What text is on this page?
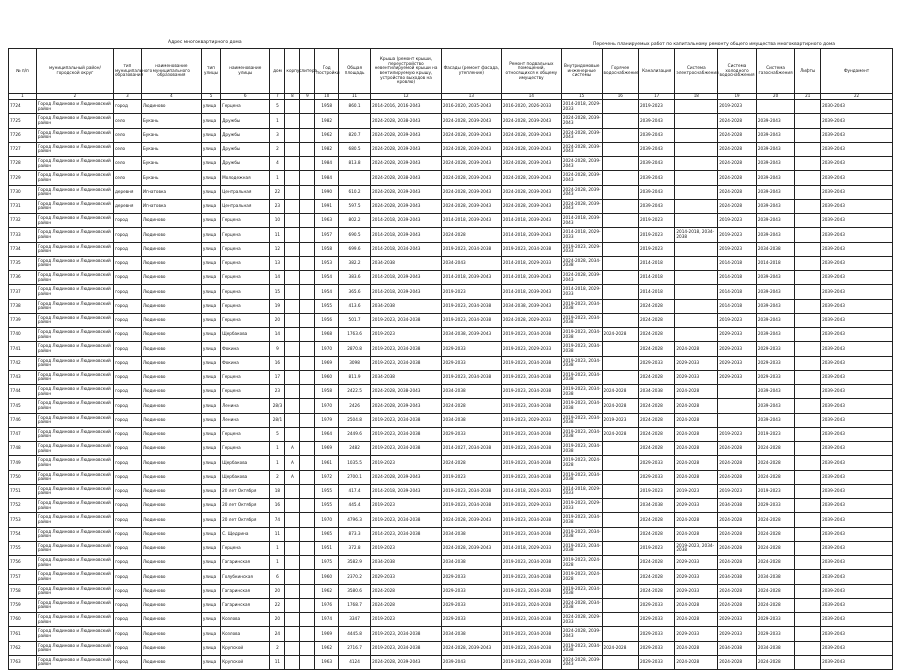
Адрес многоквартирного дома	Перечень планируемых работ по капитальному ремонту общего имущества многоквартирного дома
№ п/п	муниципальный район/городской округ	тип муниципального образования	наименование муниципального образования	тип улицы	наименование улицы	дом	корпус	литера	Год постройки	Общая площадь	Крыша (ремонт крыши, переустройство невентилируемой крыши на вентилируемую крышу, устройство выходов на кровлю)	Фасады (ремонт фасада, утепление)	Ремонт подвальных помещений, относящихся к общему имуществу	Внутридомовые инженерные системы	Горячее водоснабжение	Канализация	Система электроснабжения	Система холодного водоснабжения	Система газоснабжения	Лифты	Фундамент
1	2	3	4	5	6	7	8	9	10	11	12	13	14	15	16	17	18	19	20	21	22
7724	Город Людиново и Людиновский район	город	Людиново	улица	Герцена	5			1958	860.1	2014-2016, 2016-2043	2016-2020, 2035-2043	2016-2020, 2026-2033	2014-2018, 2029-2033		2019-2023		2019-2023			2030-2043
7725	Город Людиново и Людиновский район	село	Букань	улица	Дружбы	1			1982		2024-2028, 2038-2043	2024-2028, 2039-2043	2024-2028, 2039-2043	2024-2028, 2039-2043		2039-2043		2024-2028	2039-2043		2039-2043
7726	Город Людиново и Людиновский район	село	Букань	улица	Дружбы	3			1962	820.7	2024-2028, 2039-2043	2024-2028, 2039-2043	2024-2028, 2039-2043	2024-2028, 2039-2043		2039-2043		2024-2028	2039-2043		2039-2043
7727	Город Людиново и Людиновский район	село	Букань	улица	Дружбы	2			1982	680.5	2024-2028, 2039-2043	2024-2028, 2039-2043	2024-2028, 2039-2043	2024-2028, 2039-2043		2039-2043		2024-2028	2039-2043		2039-2043
7728	Город Людиново и Людиновский район	село	Букань	улица	Дружбы	4			1984	813.8	2024-2028, 2039-2043	2024-2028, 2039-2043	2024-2028, 2039-2043	2024-2028, 2039-2043		2039-2043		2024-2028	2039-2043		2039-2043
7729	Город Людиново и Людиновский район	село	Букань	улица	Молодежная	1			1984		2024-2028, 2038-2043	2024-2028, 2039-2043	2024-2028, 2039-2043	2024-2028, 2039-2043		2039-2043		2024-2028	2039-2043		2039-2043
7730	Город Людиново и Людиновский район	деревня	Игнатовка	улица	Центральная	22			1990	610.2	2024-2028, 2039-2043	2024-2028, 2039-2043	2024-2028, 2039-2043	2024-2028, 2039-2043		2039-2043		2024-2028	2039-2043		2039-2043
7731	Город Людиново и Людиновский район	деревня	Игнатовка	улица	Центральная	23			1991	597.5	2024-2028, 2039-2043	2024-2028, 2039-2043	2024-2028, 2039-2043	2024-2028, 2039-2043		2039-2043		2024-2028	2039-2043		2039-2043
7732	Город Людиново и Людиновский район	город	Людиново	улица	Герцена	10			1963	802.2	2014-2018, 2039-2043	2014-2018, 2039-2043	2014-2018, 2039-2043	2014-2018, 2039-2043		2019-2023		2019-2023	2039-2043		2039-2043
7733	Город Людиново и Людиновский район	город	Людиново	улица	Герцена	11			1957	690.5	2014-2018, 2039-2043	2024-2028	2014-2018, 2039-2043	2014-2018, 2029-2033		2019-2023	2014-2018, 2034-2038	2019-2023	2039-2043		2039-2043
7734	Город Людиново и Людиновский район	город	Людиново	улица	Герцена	12			1958	699.6	2014-2018, 2034-2043	2019-2023, 2034-2038	2019-2023, 2034-2038	2019-2023, 2029-2033		2019-2023		2019-2023	2034-2038		2039-2043
7735	Город Людиново и Людиновский район	город	Людиново	улица	Герцена	13			1953	382.2	2034-2038	2034-2043	2014-2018, 2029-2033	2024-2028, 2034-2038		2014-2018		2014-2018	2014-2018		2039-2043
7736	Город Людиново и Людиновский район	город	Людиново	улица	Герцена	14			1954	383.6	2014-2018, 2039-2043	2014-2018, 2039-2043	2014-2018, 2039-2043	2024-2028, 2039-2043		2014-2018		2014-2018	2039-2043		2039-2043
7737	Город Людиново и Людиновский район	город	Людиново	улица	Герцена	15			1954	365.6	2014-2018, 2039-2043	2019-2023	2014-2018, 2039-2043	2014-2018, 2029-2033		2014-2018		2014-2018	2039-2043		2039-2043
7738	Город Людиново и Людиновский район	город	Людиново	улица	Герцена	19			1955	413.6	2034-2038	2019-2023, 2034-2038	2034-2038, 2039-2043	2019-2023, 2034-2038		2024-2028		2014-2018	2039-2043		2039-2043
7739	Город Людиново и Людиновский район	город	Людиново	улица	Герцена	20			1956	501.7	2019-2023, 2034-2038	2019-2023, 2034-2038	2024-2028, 2029-2033	2019-2023, 2034-2038		2024-2028		2019-2023	2039-2043		2039-2043
7740	Город Людиново и Людиновский район	город	Людиново	улица	Щербакова	14			1968	1763.6	2019-2023	2034-2038, 2039-2043	2019-2023, 2034-2038	2019-2023, 2034-2038	2024-2028	2024-2028		2029-2033	2039-2043		2039-2043
7741	Город Людиново и Людиновский район	город	Людиново	улица	Фокина	9			1970	2870.8	2019-2023, 2034-2038	2029-2033	2019-2023, 2029-2033	2019-2023, 2034-2038		2024-2028	2024-2028	2029-2033	2029-2033		2039-2043
7742	Город Людиново и Людиновский район	город	Людиново	улица	Фокина	16			1969	3098	2019-2023, 2034-2038	2029-2033	2019-2023, 2034-2038	2019-2023, 2034-2038		2029-2033	2029-2033	2029-2033	2029-2033		2039-2043
7743	Город Людиново и Людиновский район	город	Людиново	улица	Герцена	17			1960	811.9	2034-2038	2019-2023, 2034-2038	2019-2023, 2034-2038	2019-2023, 2034-2038		2024-2028	2029-2033	2029-2033	2029-2033		2039-2043
7744	Город Людиново и Людиновский район	город	Людиново	улица	Герцена	23			1958	2422.5	2024-2028, 2038-2043	2034-2038	2019-2023, 2034-2038	2019-2023, 2034-2038	2024-2028	2034-2038	2024-2028		2039-2043		2039-2043
7745	Город Людиново и Людиновский район	город	Людиново	улица	Ленина	28/3			1970	2426	2024-2028, 2039-2043	2024-2028	2019-2023, 2034-2038	2019-2023, 2034-2038	2024-2028	2024-2028	2024-2028		2039-2043		2039-2043
7746	Город Людиново и Людиновский район	город	Людиново	улица	Ленина	28/1			1979	2504.8	2019-2023, 2034-2038	2034-2038	2019-2023, 2029-2033	2019-2023, 2034-2038	2019-2023	2024-2028	2024-2028		2039-2043		2039-2043
7747	Город Людиново и Людиновский район	город	Людиново	улица	Герцена	5			1964	2449.6	2019-2023, 2034-2038	2029-2033	2019-2023, 2034-2038	2019-2023, 2034-2038	2024-2028	2024-2028	2024-2028	2019-2023	2019-2023		2039-2043
7748	Город Людиново и Людиновский район	город	Людиново	улица	Герцена	1	А		1969	2482	2019-2023, 2034-2038	2014-2027, 2034-2038	2019-2023, 2034-2038	2019-2023, 2034-2038		2024-2028	2024-2028	2024-2028	2024-2028		2039-2043
7749	Город Людиново и Людиновский район	город	Людиново	улица	Щербакова	1	А		1961	1035.5	2019-2023	2024-2028	2019-2023, 2034-2038	2019-2023, 2024-2028		2029-2033	2024-2028	2024-2028	2024-2028		2039-2043
7750	Город Людиново и Людиновский район	город	Людиново	улица	Щербакова	2	А		1972	2700.1	2024-2028, 2039-2043	2019-2023	2019-2023, 2034-2038	2019-2023, 2034-2038		2029-2033	2024-2028	2024-2028	2024-2028		2039-2043
7751	Город Людиново и Людиновский район	город	Людиново	улица	20 лет Октября	18			1955	417.4	2014-2018, 2039-2043	2019-2023, 2034-2038	2014-2018, 2024-2033	2014-2018, 2029-2033		2019-2023	2019-2023	2019-2023	2019-2023		2039-2043
7752	Город Людиново и Людиновский район	город	Людиново	улица	20 лет Октября	16			1955	445.4	2019-2023	2019-2023, 2034-2038	2019-2023, 2029-2033	2019-2023, 2029-2033		2034-2038	2029-2033	2034-2038	2029-2033		2039-2043
7753	Город Людиново и Людиновский район	город	Людиново	улица	20 лет Октября	74			1970	4796.3	2019-2023, 2034-2038	2024-2028, 2039-2043	2019-2023, 2034-2038	2019-2023, 2034-2038		2024-2028	2024-2028	2024-2028	2024-2028		2039-2043
7754	Город Людиново и Людиновский район	город	Людиново	улица	С. Щедрина	11			1965	873.3	2014-2023, 2034-2038	2034-2038	2019-2023, 2034-2038	2019-2023, 2034-2038		2024-2028	2024-2028	2024-2028	2024-2028		2039-2043
7755	Город Людиново и Людиновский район	город	Людиново	улица	Герцена	1			1951	372.8	2019-2023	2024-2028, 2039-2043	2014-2018, 2029-2033	2019-2023, 2034-2038		2019-2023	2019-2023, 2034-2038	2024-2028	2024-2028		2039-2043
7756	Город Людиново и Людиновский район	город	Людиново	улица	Гагаринская	1			1975	3582.9	2034-2038	2034-2038	2019-2023, 2034-2038	2019-2023, 2024-2028		2024-2028	2029-2033	2024-2028	2024-2028		2039-2043
7757	Город Людиново и Людиновский район	город	Людиново	улица	Голубкинская	6			1960	2370.2	2029-2033	2029-2033	2019-2023, 2034-2038	2019-2023, 2024-2028		2024-2028	2029-2033	2034-2038	2034-2038		2039-2043
7758	Город Людиново и Людиновский район	город	Людиново	улица	Гагаринская	20			1962	3580.6	2024-2028	2029-2033	2019-2023, 2034-2038	2019-2023, 2034-2038		2024-2028	2029-2033	2024-2028	2024-2028		2039-2043
7759	Город Людиново и Людиновский район	город	Людиново	улица	Гагаринская	22			1976	1768.7	2024-2028	2029-2033	2019-2023, 2024-2028	2024-2028, 2034-2038		2029-2033	2024-2028	2024-2028	2024-2028		2039-2043
7760	Город Людиново и Людиновский район	город	Людиново	улица	Козлова	20			1974	3347	2019-2023	2029-2033	2019-2023, 2034-2038	2024-2028, 2029-2033		2029-2033	2024-2028	2029-2033	2029-2033		2039-2043
7761	Город Людиново и Людиновский район	город	Людиново	улица	Козлова	24			1969	4445.8	2019-2023, 2034-2038	2034-2038	2019-2023, 2034-2038	2024-2028, 2039-2043		2029-2033	2029-2033	2029-2033	2029-2033		2039-2043
7762	Город Людиново и Людиновский район	город	Людиново	улица	Крупской	2			1962	2716.7	2019-2023, 2034-2038	2024-2028, 2039-2043	2019-2023, 2034-2038	2019-2023, 2034-2038	2024-2028	2029-2033	2024-2028	2034-2038	2034-2038		2039-2043
7763	Город Людиново и Людиновский район	город	Людиново	улица	Крупской	11			1963	4124	2024-2028, 2039-2043	2039-2043	2019-2023, 2034-2038	2024-2028, 2039-2043		2029-2033	2024-2028	2024-2028	2024-2028		2039-2043
